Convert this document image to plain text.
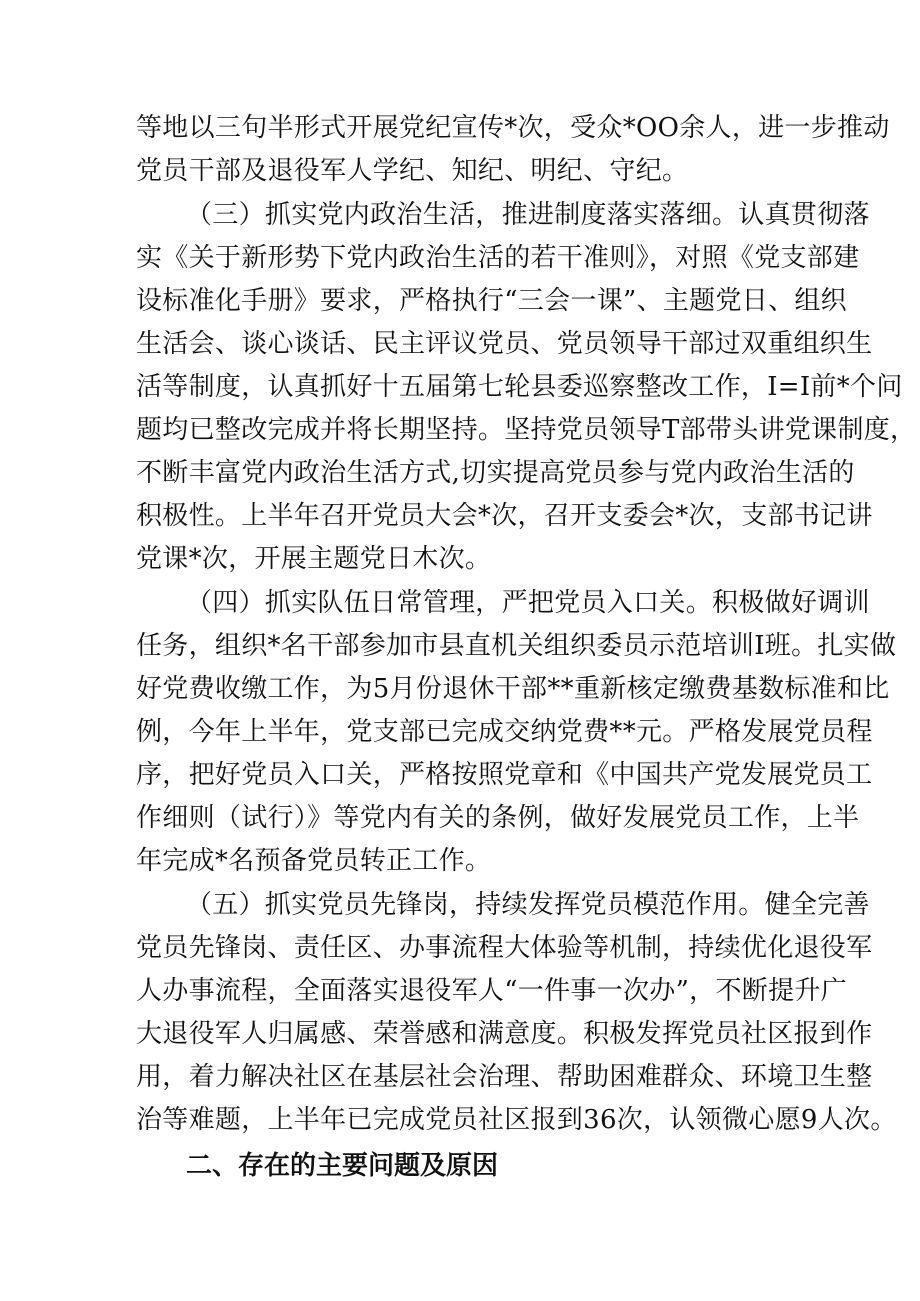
等地以三句半形式开展党纪宣传*次，受众*OO余人，进一步推动
党员干部及退役军人学纪、知纪、明纪、守纪。
（三）抓实党内政治生活，推进制度落实落细。认真贯彻落
实《关于新形势下党内政治生活的若干准则》，对照《党支部建
设标准化手册》要求，严格执行“三会一课”、主题党日、组织
生活会、谈心谈话、民主评议党员、党员领导干部过双重组织生
活等制度，认真抓好十五届第七轮县委巡察整改工作，I=I前*个问
题均已整改完成并将长期坚持。坚持党员领导T部带头讲党课制度，
不断丰富党内政治生活方式,切实提高党员参与党内政治生活的
积极性。上半年召开党员大会*次，召开支委会*次，支部书记讲
党课*次，开展主题党日木次。
（四）抓实队伍日常管理，严把党员入口关。积极做好调训
任务，组织*名干部参加市县直机关组织委员示范培训I班。扎实做
好党费收缴工作，为5月份退休干部**重新核定缴费基数标准和比
例，今年上半年，党支部已完成交纳党费**元。严格发展党员程
序，把好党员入口关，严格按照党章和《中国共产党发展党员工
作细则（试行）》等党内有关的条例，做好发展党员工作，上半
年完成*名预备党员转正工作。
（五）抓实党员先锋岗，持续发挥党员模范作用。健全完善
党员先锋岗、责任区、办事流程大体验等机制，持续优化退役军
人办事流程，全面落实退役军人“一件事一次办”，不断提升广
大退役军人归属感、荣誉感和满意度。积极发挥党员社区报到作
用，着力解决社区在基层社会治理、帮助困难群众、环境卫生整
治等难题，上半年已完成党员社区报到36次，认领微心愿9人次。
二、存在的主要问题及原因
